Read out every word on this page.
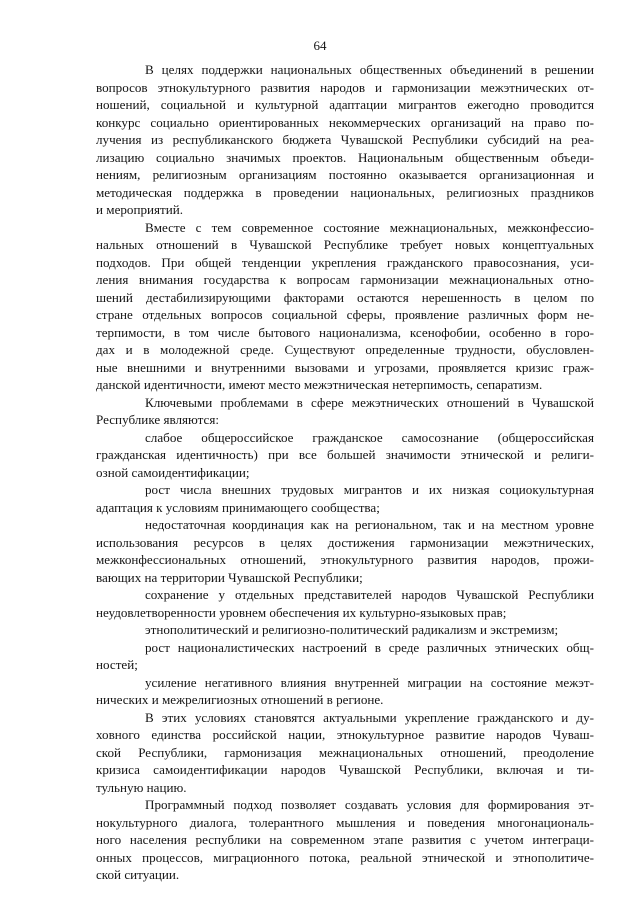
64

В целях поддержки национальных общественных объединений в решении
вопросов этнокультурного развития народов и гармонизации межэтнических от-
ношений, социальной и культурной адаптации мигрантов ежегодно проводится
конкурс социально ориентированных некоммерческих организаций на право по-
лучения из республиканского бюджета Чувашской Республики субсидий на реа-
лизацию социально значимых проектов. Национальным общественным объеди-
нениям, религиозным организациям постоянно оказывается организационная и
методическая поддержка в проведении национальных, религиозных праздников
и мероприятий.

Вместе с тем современное состояние межнациональных, межконфессио-
нальных отношений в Чувашской Республике требует новых концептуальных
подходов. При общей тенденции укрепления гражданского правосознания, уси-
ления внимания государства к вопросам гармонизации межнациональных отно-
шений дестабилизирующими факторами остаются нерешенность в целом по
стране отдельных вопросов социальной сферы, проявление различных форм не-
терпимости, в том числе бытового национализма, ксенофобии, особенно в горо-
дах и в молодежной среде. Существуют определенные трудности, обусловлен-
ные внешними и внутренними вызовами и угрозами, проявляется кризис граж-
данской идентичности, имеют место межэтническая нетерпимость, сепаратизм.

Ключевыми проблемами в сфере межэтнических отношений в Чувашской
Республике являются:

слабое общероссийское гражданское самосознание (общероссийская
гражданская идентичность) при все большей значимости этнической и религи-
озной самоидентификации;

рост числа внешних трудовых мигрантов и их низкая социокультурная
адаптация к условиям принимающего сообщества;

недостаточная координация как на региональном, так и на местном уровне
использования ресурсов в целях достижения гармонизации межэтнических,
межконфессиональных отношений, этнокультурного развития народов, прожи-
вающих на территории Чувашской Республики;

сохранение у отдельных представителей народов Чувашской Республики
неудовлетворенности уровнем обеспечения их культурно-языковых прав;

этнополитический и религиозно-политический радикализм и экстремизм;

рост националистических настроений в среде различных этнических общ-
ностей;

усиление негативного влияния внутренней миграции на состояние межэт-
нических и межрелигиозных отношений в регионе.

В этих условиях становятся актуальными укрепление гражданского и ду-
ховного единства российской нации, этнокультурное развитие народов Чуваш-
ской Республики, гармонизация межнациональных отношений, преодоление
кризиса самоидентификации народов Чувашской Республики, включая и ти-
тульную нацию.

Программный подход позволяет создавать условия для формирования эт-
нокультурного диалога, толерантного мышления и поведения многонациональ-
ного населения республики на современном этапе развития с учетом интеграци-
онных процессов, миграционного потока, реальной этнической и этнополитиче-
ской ситуации.
